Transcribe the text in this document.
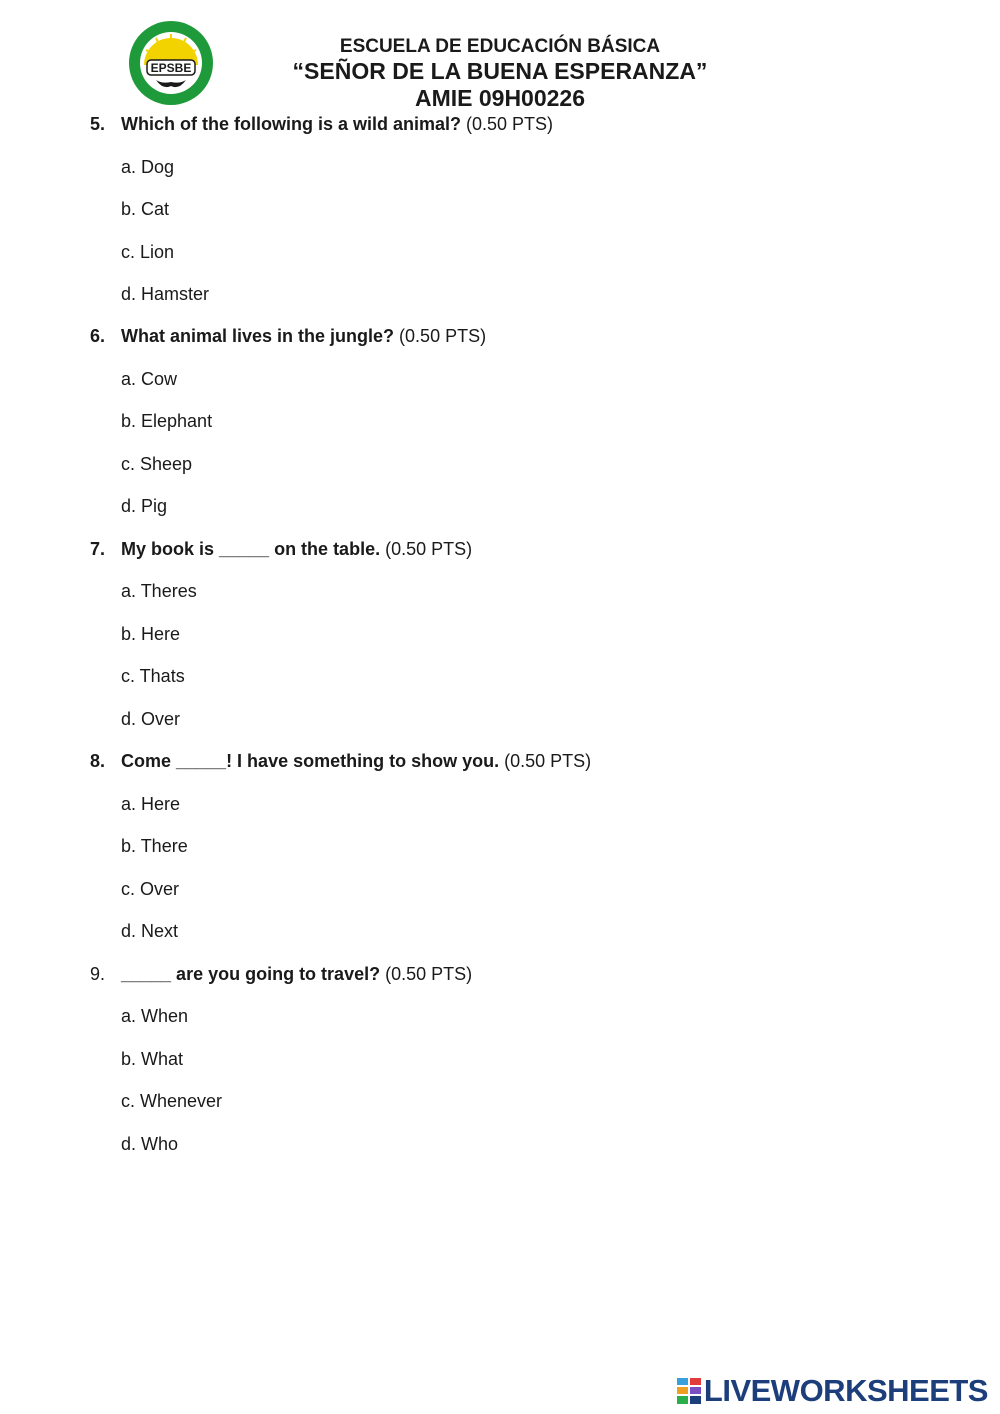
EPSBE
ESCUELA DE EDUCACIÓN BÁSICA
“SEÑOR DE LA BUENA ESPERANZA”
AMIE 09H00226
5. Which of the following is a wild animal? (0.50 PTS)
a. Dog
b. Cat
c. Lion
d. Hamster
6. What animal lives in the jungle? (0.50 PTS)
a. Cow
b. Elephant
c. Sheep
d. Pig
7. My book is _____ on the table. (0.50 PTS)
a. Theres
b. Here
c. Thats
d. Over
8. Come _____! I have something to show you. (0.50 PTS)
a. Here
b. There
c. Over
d. Next
9. _____ are you going to travel? (0.50 PTS)
a. When
b. What
c. Whenever
d. Who
LIVEWORKSHEETS
